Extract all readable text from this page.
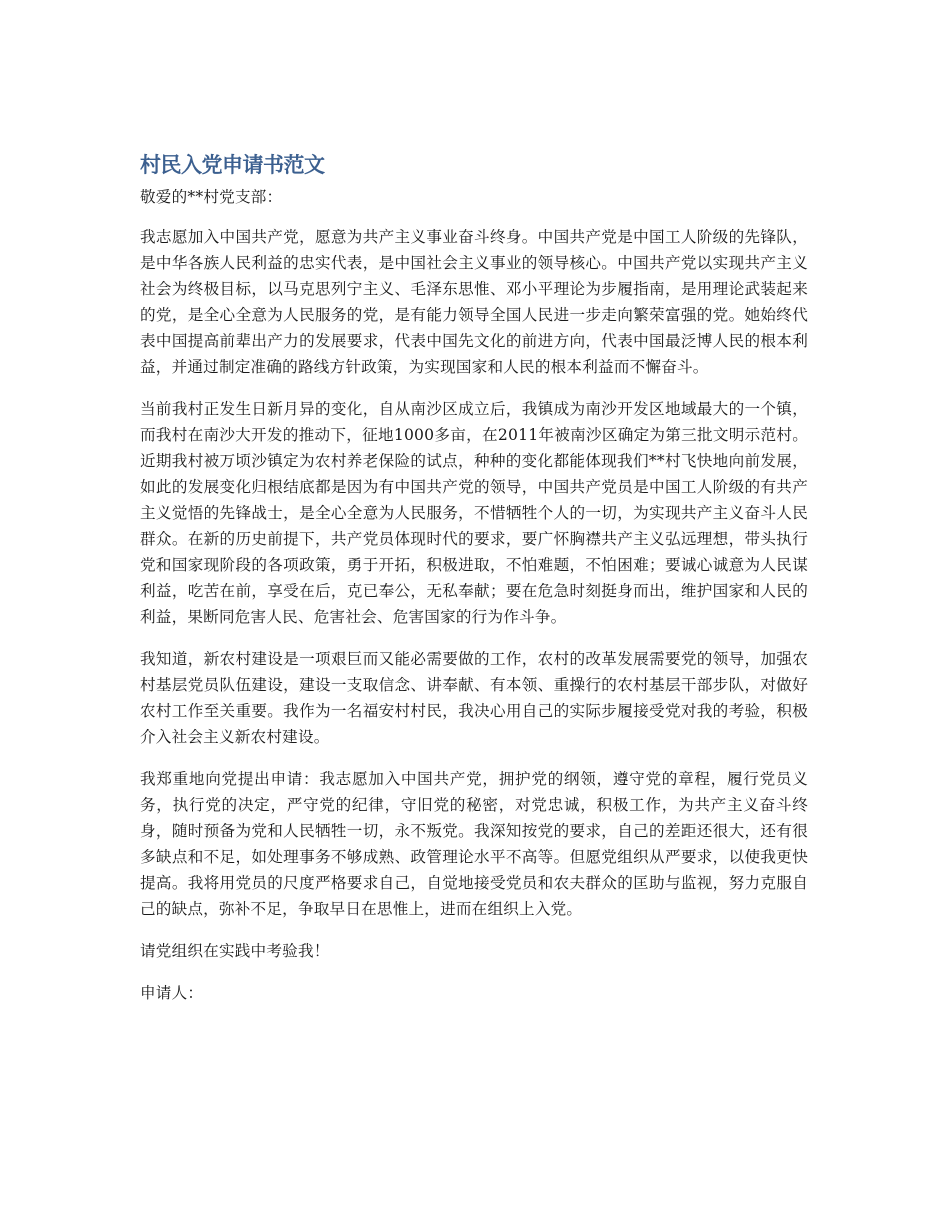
村民入党申请书范文

敬爱的**村党支部：

我志愿加入中国共产党，愿意为共产主义事业奋斗终身。中国共产党是中国工人阶级的先锋队，是中华各族人民利益的忠实代表，是中国社会主义事业的领导核心。中国共产党以实现共产主义社会为终极目标，以马克思列宁主义、毛泽东思惟、邓小平理论为步履指南，是用理论武装起来的党，是全心全意为人民服务的党，是有能力领导全国人民进一步走向繁荣富强的党。她始终代表中国提高前辈出产力的发展要求，代表中国先文化的前进方向，代表中国最泛博人民的根本利益，并通过制定准确的路线方针政策，为实现国家和人民的根本利益而不懈奋斗。

当前我村正发生日新月异的变化，自从南沙区成立后，我镇成为南沙开发区地域最大的一个镇，而我村在南沙大开发的推动下，征地1000多亩，在2011年被南沙区确定为第三批文明示范村。近期我村被万顷沙镇定为农村养老保险的试点，种种的变化都能体现我们**村飞快地向前发展，如此的发展变化归根结底都是因为有中国共产党的领导，中国共产党员是中国工人阶级的有共产主义觉悟的先锋战士，是全心全意为人民服务，不惜牺牲个人的一切，为实现共产主义奋斗人民群众。在新的历史前提下，共产党员体现时代的要求，要广怀胸襟共产主义弘远理想，带头执行党和国家现阶段的各项政策，勇于开拓，积极进取，不怕难题，不怕困难；要诚心诚意为人民谋利益，吃苦在前，享受在后，克已奉公，无私奉献；要在危急时刻挺身而出，维护国家和人民的利益，果断同危害人民、危害社会、危害国家的行为作斗争。

我知道，新农村建设是一项艰巨而又能必需要做的工作，农村的改革发展需要党的领导，加强农村基层党员队伍建设，建设一支取信念、讲奉献、有本领、重操行的农村基层干部步队，对做好农村工作至关重要。我作为一名福安村村民，我决心用自己的实际步履接受党对我的考验，积极介入社会主义新农村建设。

我郑重地向党提出申请：我志愿加入中国共产党，拥护党的纲领，遵守党的章程，履行党员义务，执行党的决定，严守党的纪律，守旧党的秘密，对党忠诚，积极工作，为共产主义奋斗终身，随时预备为党和人民牺牲一切，永不叛党。我深知按党的要求，自己的差距还很大，还有很多缺点和不足，如处理事务不够成熟、政管理论水平不高等。但愿党组织从严要求，以使我更快提高。我将用党员的尺度严格要求自己，自觉地接受党员和农夫群众的匡助与监视，努力克服自己的缺点，弥补不足，争取早日在思惟上，进而在组织上入党。

请党组织在实践中考验我！

申请人：
